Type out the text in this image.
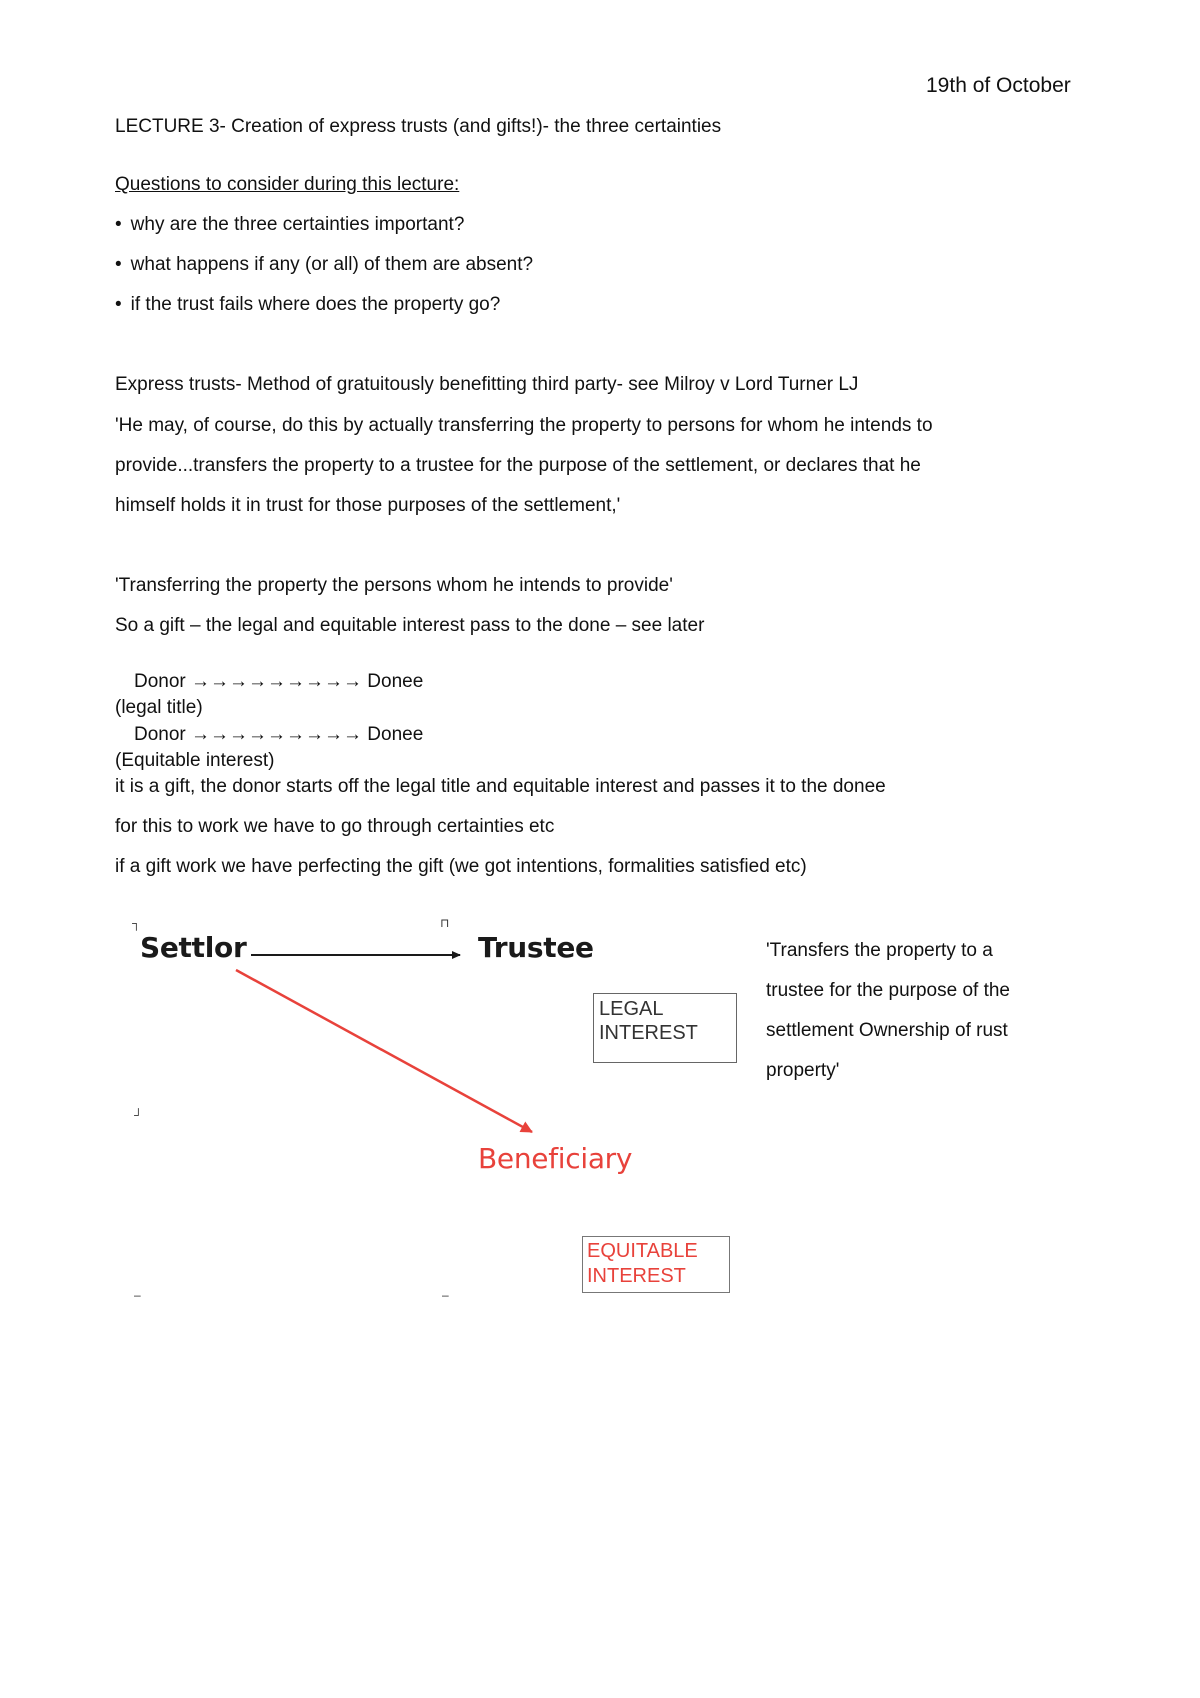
19th of October
LECTURE 3- Creation of express trusts (and gifts!)- the three certainties
Questions to consider during this lecture:
• why are the three certainties important?
• what happens if any (or all) of them are absent?
• if the trust fails where does the property go?
Express trusts- Method of gratuitously benefitting third party- see Milroy v Lord Turner LJ
'He may, of course, do this by actually transferring the property to persons for whom he intends to
provide...transfers the property to a trustee for the purpose of the settlement, or declares that he
himself holds it in trust for those purposes of the settlement,'
'Transferring the property the persons whom he intends to provide'
So a gift – the legal and equitable interest pass to the done – see later
Donor →→→→→→→→→ Donee
(legal title)
Donor →→→→→→→→→ Donee
(Equitable interest)
it is a gift, the donor starts off the legal title and equitable interest and passes it to the donee
for this to work we have to go through certainties etc
if a gift work we have perfecting the gift (we got intentions, formalities satisfied etc)
┐	⊓
┘
–	–
Settlor	Trustee
Beneficiary
LEGAL
INTEREST
EQUITABLE
INTEREST
'Transfers the property to a
trustee for the purpose of the
settlement Ownership of rust
property'
